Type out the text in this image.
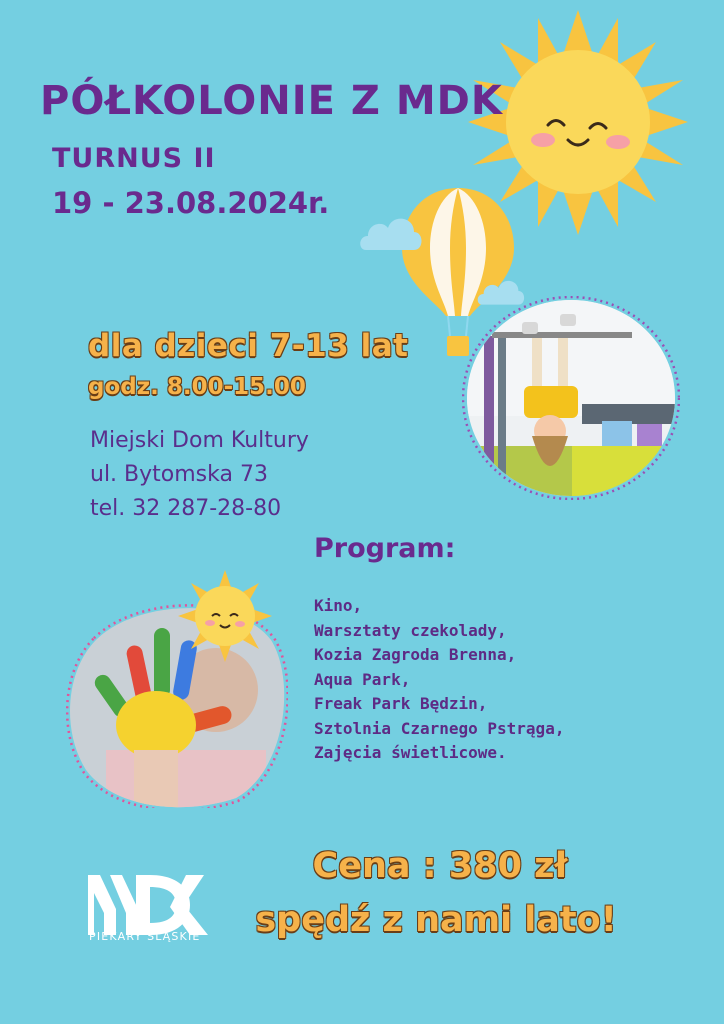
PÓŁKOLONIE Z MDK
TURNUS II
19 - 23.08.2024r.
dla dzieci 7-13 lat
godz. 8.00-15.00
Miejski Dom Kultury
ul. Bytomska 73
tel. 32 287-28-80
Program:
Kino,
Warsztaty czekolady,
Kozia Zagroda Brenna,
Aqua Park,
Freak Park Będzin,
Sztolnia Czarnego Pstrąga,
Zajęcia świetlicowe.
PIEKARY ŚLĄSKIE
Cena : 380 zł
spędź z nami lato!
